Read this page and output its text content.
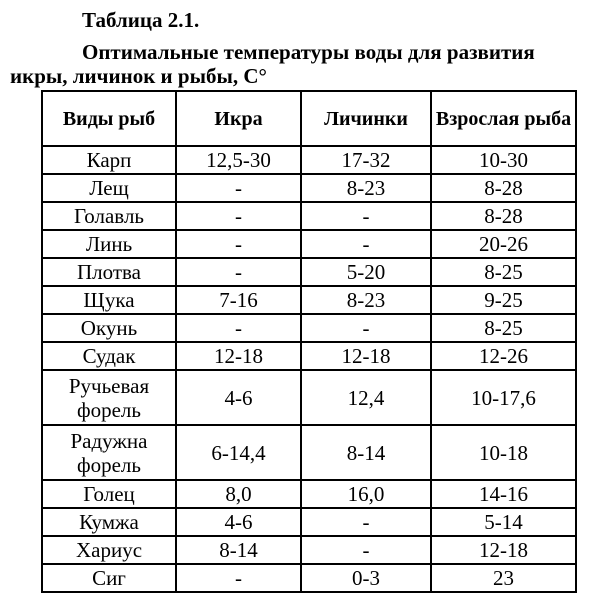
Таблица 2.1.
Оптимальные температуры воды для развития
икры, личинок и рыбы, С°
Виды рыб	Икра	Личинки	Взрослая рыба

Карп	12,5-30	17-32	10-30
Лещ	-	8-23	8-28
Голавль	-	-	8-28
Линь	-	-	20-26
Плотва	-	5-20	8-25
Щука	7-16	8-23	9-25
Окунь	-	-	8-25
Судак	12-18	12-18	12-26
Ручьевая форель	4-6	12,4	10-17,6
Радужна форель	6-14,4	8-14	10-18
Голец	8,0	16,0	14-16
Кумжа	4-6	-	5-14
Хариус	8-14	-	12-18
Сиг	-	0-3	23
